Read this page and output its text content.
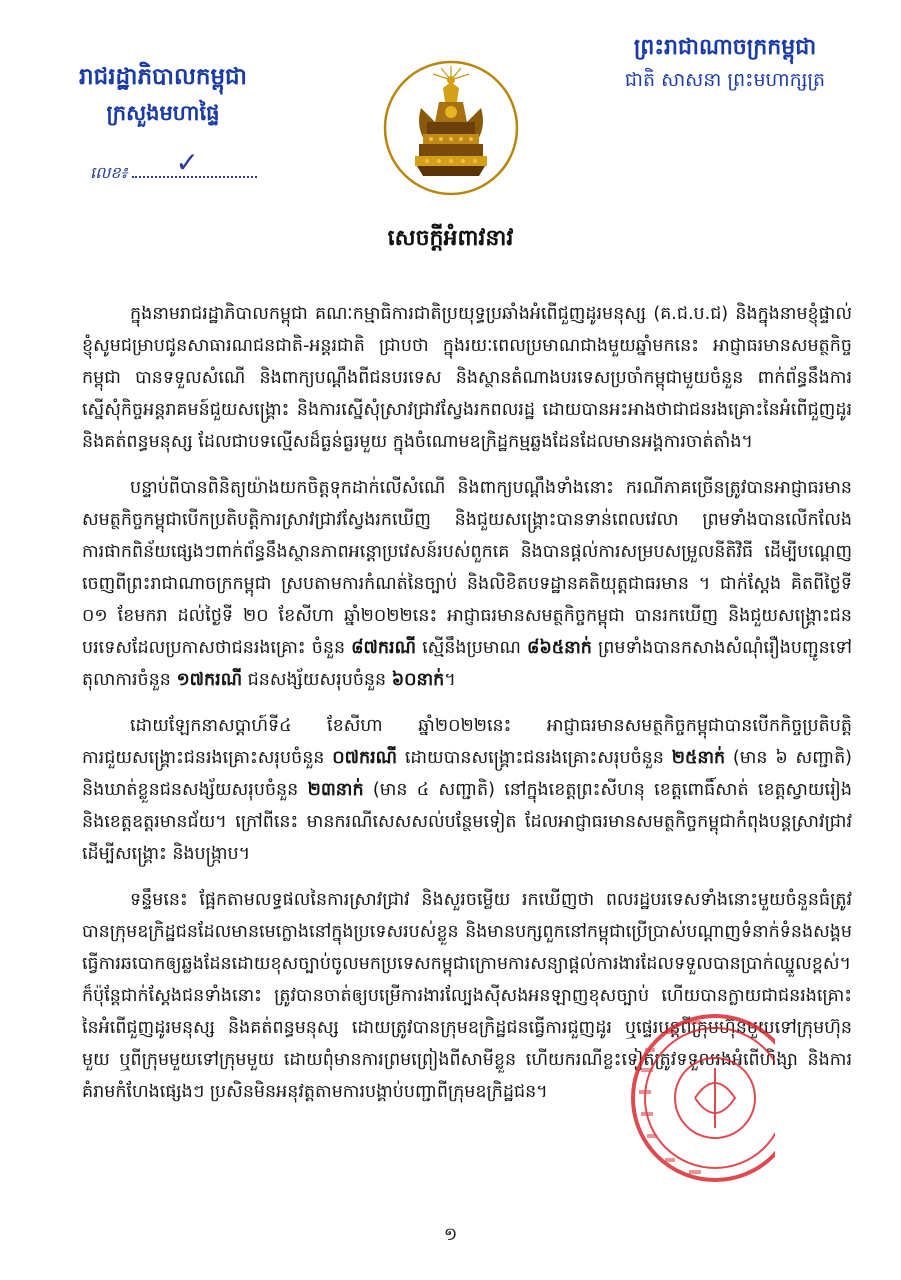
រាជរដ្ឋាភិបាលកម្ពុជា
ក្រសួងមហាផ្ទៃ
លេខ៖ ✓
ព្រះរាជាណាចក្រកម្ពុជា
ជាតិ សាសនា ព្រះមហាក្សត្រ
សេចក្តីអំពាវនាវ

ក្នុងនាមរាជរដ្ឋាភិបាលកម្ពុជា គណៈកម្មាធិការជាតិប្រយុទ្ធប្រឆាំងអំពើជួញដូរមនុស្ស (គ.ជ.ប.ជ) និងក្នុងនាមខ្ញុំផ្ទាល់ ខ្ញុំសូមជម្រាបជូនសាធារណជនជាតិ-អន្តរជាតិ ជ្រាបថា ក្នុងរយៈពេលប្រមាណជាងមួយឆ្នាំមកនេះ អាជ្ញាធរមានសមត្ថកិច្ចកម្ពុជា បានទទួលសំណើ និងពាក្យបណ្តឹងពីជនបរទេស និងស្ថានតំណាងបរទេសប្រចាំកម្ពុជាមួយចំនួន ពាក់ព័ន្ធនឹងការស្នើសុំកិច្ចអន្តរាគមន៍ជួយសង្គ្រោះ និងការស្នើសុំស្រាវជ្រាវស្វែងរកពលរដ្ឋ ដោយបានអះអាងថាជាជនរងគ្រោះនៃអំពើជួញដូរ និងគត់ពន្ធមនុស្ស ដែលជាបទល្មើសដ៏ធ្ងន់ធ្ងរមួយ ក្នុងចំណោមឧក្រិដ្ឋកម្មឆ្លងដែនដែលមានអង្គការចាត់តាំង។

បន្ទាប់ពីបានពិនិត្យយ៉ាងយកចិត្តទុកដាក់លើសំណើ និងពាក្យបណ្តឹងទាំងនោះ ករណីភាគច្រើនត្រូវបានអាជ្ញាធរមានសមត្ថកិច្ចកម្ពុជាបើកប្រតិបត្តិការស្រាវជ្រាវស្វែងរកឃើញ និងជួយសង្គ្រោះបានទាន់ពេលវេលា ព្រមទាំងបានលើកលែងការផាកពិន័យផ្សេងៗពាក់ព័ន្ធនឹងស្ថានភាពអន្តោប្រវេសន៍របស់ពួកគេ និងបានផ្តល់ការសម្របសម្រួលនីតិវិធី ដើម្បីបណ្តេញចេញពីព្រះរាជាណាចក្រកម្ពុជា ស្របតាមការកំណត់នៃច្បាប់ និងលិខិតបទដ្ឋានគតិយុត្តជាធរមាន ។ ជាក់ស្តែង គិតពីថ្ងៃទី ០១ ខែមករា ដល់ថ្ងៃទី ២០ ខែសីហា ឆ្នាំ២០២២នេះ អាជ្ញាធរមានសមត្ថកិច្ចកម្ពុជា បានរកឃើញ និងជួយសង្គ្រោះជនបរទេសដែលប្រកាសថាជនរងគ្រោះ ចំនួន ៨៧ករណី ស្មើនឹងប្រមាណ ៨៦៥នាក់ ព្រមទាំងបានកសាងសំណុំរឿងបញ្ជូនទៅតុលាការចំនួន ១៧ករណី ជនសង្ស័យសរុបចំនួន ៦០នាក់។

ដោយឡែកនាសប្តាហ៍ទី៤ ខែសីហា ឆ្នាំ២០២២នេះ អាជ្ញាធរមានសមត្ថកិច្ចកម្ពុជាបានបើកកិច្ចប្រតិបត្តិការជួយសង្គ្រោះជនរងគ្រោះសរុបចំនួន ០៧ករណី ដោយបានសង្គ្រោះជនរងគ្រោះសរុបចំនួន ២៥នាក់ (មាន ៦ សញ្ជាតិ) និងឃាត់ខ្លួនជនសង្ស័យសរុបចំនួន ២៣នាក់ (មាន ៤ សញ្ជាតិ) នៅក្នុងខេត្តព្រះសីហនុ ខេត្តពោធិ៍សាត់ ខេត្តស្វាយរៀង និងខេត្តឧត្តរមានជ័យ។ ក្រៅពីនេះ មានករណីសេសសល់បន្ថែមទៀត ដែលអាជ្ញាធរមានសមត្ថកិច្ចកម្ពុជាកំពុងបន្តស្រាវជ្រាវ ដើម្បីសង្គ្រោះ និងបង្ក្រាប។

ទន្ទឹមនេះ ផ្អែកតាមលទ្ធផលនៃការស្រាវជ្រាវ និងសួរចម្លើយ រកឃើញថា ពលរដ្ឋបរទេសទាំងនោះមួយចំនួនធំត្រូវបានក្រុមឧក្រិដ្ឋជនដែលមានមេក្លោងនៅក្នុងប្រទេសរបស់ខ្លួន និងមានបក្សពួកនៅកម្ពុជាប្រើប្រាស់បណ្តាញទំនាក់ទំនងសង្គម ធ្វើការឆបោកឲ្យឆ្លងដែនដោយខុសច្បាប់ចូលមកប្រទេសកម្ពុជាក្រោមការសន្យាផ្តល់ការងារដែលទទួលបានប្រាក់ឈ្នួលខ្ពស់។ ក៏ប៉ុន្តែជាក់ស្តែងជនទាំងនោះ ត្រូវបានចាត់ឲ្យបម្រើការងារល្បែងស៊ីសងអនឡាញខុសច្បាប់ ហើយបានក្លាយជាជនរងគ្រោះនៃអំពើជួញដូរមនុស្ស និងគត់ពន្ធមនុស្ស ដោយត្រូវបានក្រុមឧក្រិដ្ឋជនធ្វើការជួញដូរ ឬផ្ទេរបន្តពីក្រុមហ៊ុនមួយទៅក្រុមហ៊ុនមួយ ឬពីក្រុមមួយទៅក្រុមមួយ ដោយពុំមានការព្រមព្រៀងពីសាមីខ្លួន ហើយករណីខ្លះទៀតត្រូវទទួលរងអំពើហិង្សា និងការគំរាមកំហែងផ្សេងៗ ប្រសិនមិនអនុវត្តតាមការបង្គាប់បញ្ជាពីក្រុមឧក្រិដ្ឋជន។

១
